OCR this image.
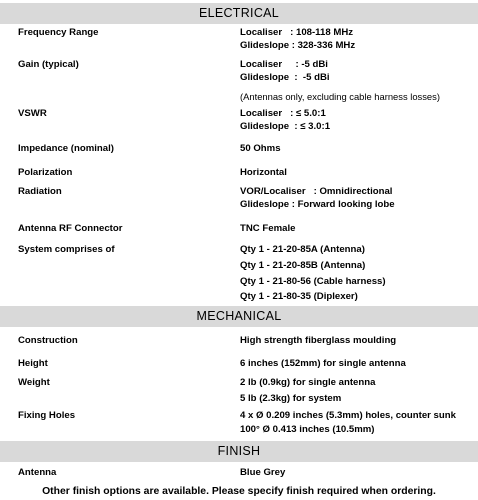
ELECTRICAL
Frequency Range	Localiser   : 108-118 MHz
Glideslope : 328-336 MHz
Gain (typical)	Localiser     : -5 dBi
Glideslope  :  -5 dBi
(Antennas only, excluding cable harness losses)
VSWR	Localiser   : ≤ 5.0:1
Glideslope  : ≤ 3.0:1
Impedance (nominal)	50 Ohms
Polarization	Horizontal
Radiation	VOR/Localiser   : Omnidirectional
Glideslope : Forward looking lobe
Antenna RF Connector	TNC Female
System comprises of	Qty 1 - 21-20-85A (Antenna)
Qty 1 - 21-20-85B (Antenna)
Qty 1 - 21-80-56 (Cable harness)
Qty 1 - 21-80-35 (Diplexer)
MECHANICAL
Construction	High strength fiberglass moulding
Height	6 inches (152mm) for single antenna
Weight	2 lb (0.9kg) for single antenna
5 lb (2.3kg) for system
Fixing Holes	4 x Ø 0.209 inches (5.3mm) holes, counter sunk
100° Ø 0.413 inches (10.5mm)
FINISH
Antenna	Blue Grey
Other finish options are available. Please specify finish required when ordering.
